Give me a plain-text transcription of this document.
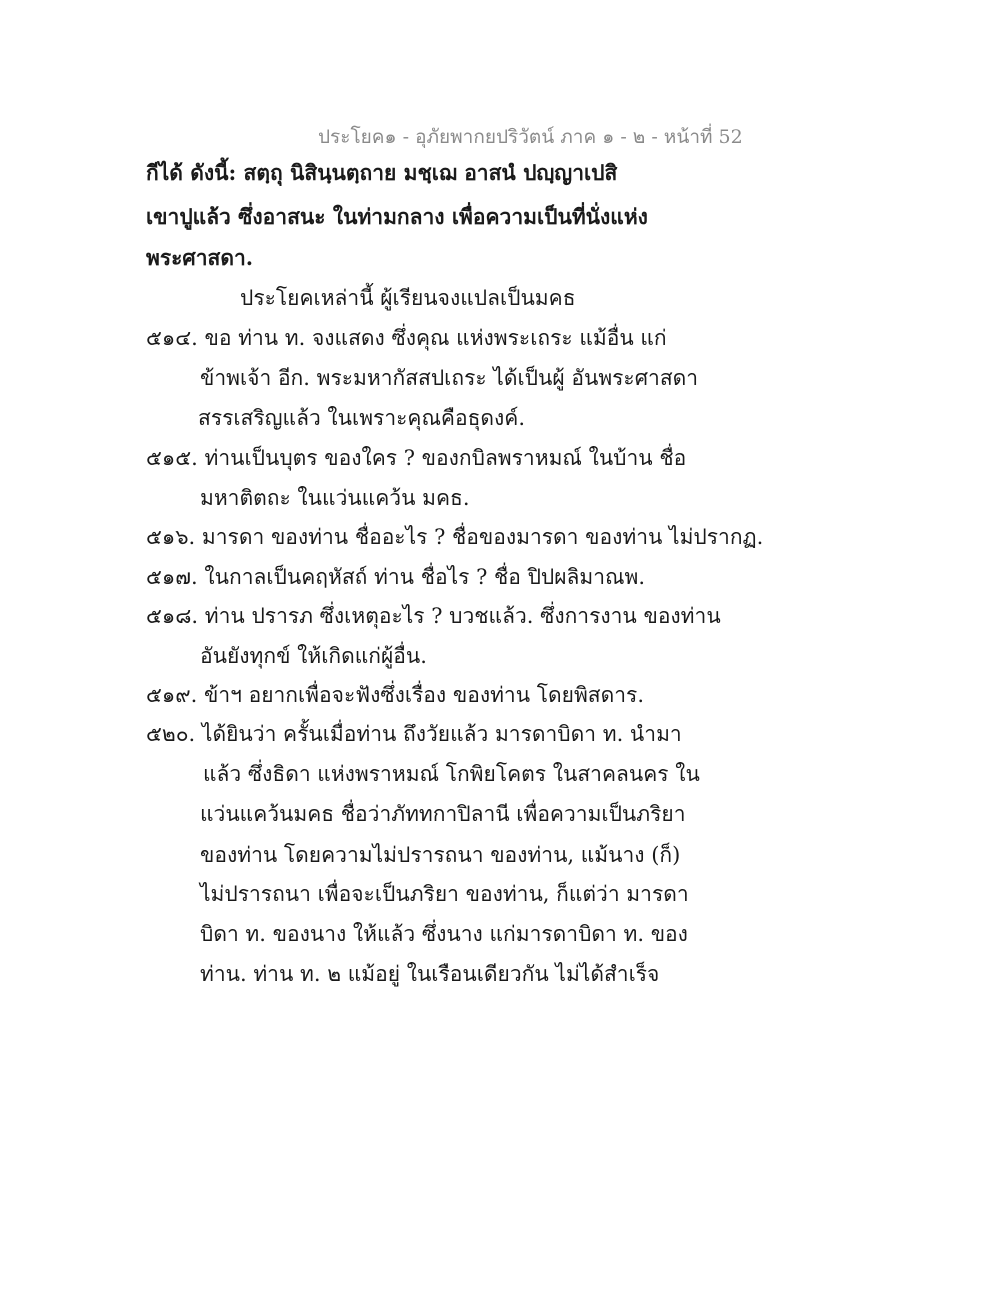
ประโยค๑ - อุภัยพากยปริวัตน์ ภาค ๑ - ๒ - หน้าที่ 52
กีได้ ดังนี้: สตฺถุ นิสินฺนตฺถาย มชฺเฌ อาสนํ ปญฺญาเปสิ
เขาปูแล้ว ซึ่งอาสนะ ในท่ามกลาง เพื่อความเป็นที่นั่งแห่ง
พระศาสดา.
ประโยคเหล่านี้ ผู้เรียนจงแปลเป็นมคธ
๕๑๔. ขอ ท่าน ท. จงแสดง ซึ่งคุณ แห่งพระเถระ แม้อื่น แก่
ข้าพเจ้า อีก. พระมหากัสสปเถระ ได้เป็นผู้ อันพระศาสดา
สรรเสริญแล้ว ในเพราะคุณคือธุดงค์.
๕๑๕. ท่านเป็นบุตร ของใคร ? ของกบิลพราหมณ์ ในบ้าน ชื่อ
มหาติตถะ ในแว่นแคว้น มคธ.
๕๑๖. มารดา ของท่าน ชื่ออะไร ? ชื่อของมารดา ของท่าน ไม่ปรากฏ.
๕๑๗. ในกาลเป็นคฤหัสถ์ ท่าน ชื่อไร ? ชื่อ ปิปผลิมาณพ.
๕๑๘. ท่าน ปรารภ ซึ่งเหตุอะไร ? บวชแล้ว. ซึ่งการงาน ของท่าน
อันยังทุกข์ ให้เกิดแก่ผู้อื่น.
๕๑๙. ข้าฯ อยากเพื่อจะฟังซึ่งเรื่อง ของท่าน โดยพิสดาร.
๕๒๐. ได้ยินว่า ครั้นเมื่อท่าน ถึงวัยแล้ว มารดาบิดา ท. นำมา
แล้ว ซึ่งธิดา แห่งพราหมณ์ โกพิยโคตร ในสาคลนคร ใน
แว่นแคว้นมคธ ชื่อว่าภัททกาปิลานี เพื่อความเป็นภริยา
ของท่าน โดยความไม่ปรารถนา ของท่าน, แม้นาง (ก็)
ไม่ปรารถนา เพื่อจะเป็นภริยา ของท่าน, ก็แต่ว่า มารดา
บิดา ท. ของนาง ให้แล้ว ซึ่งนาง แก่มารดาบิดา ท. ของ
ท่าน. ท่าน ท. ๒ แม้อยู่ ในเรือนเดียวกัน ไม่ได้สำเร็จ
